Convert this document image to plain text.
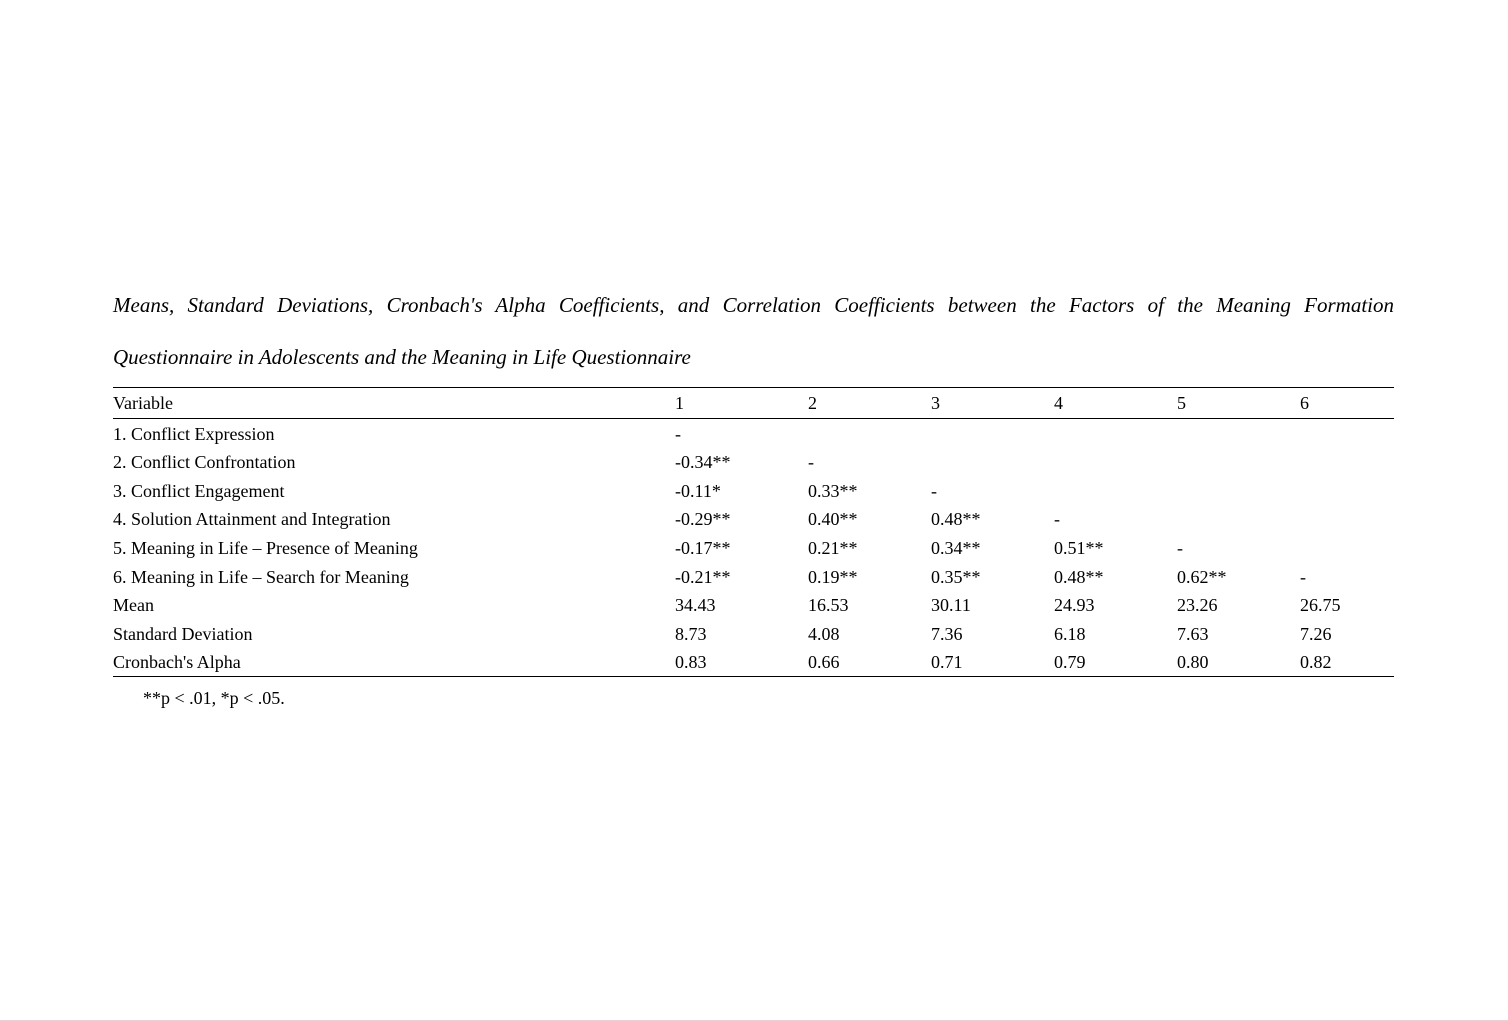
Means, Standard Deviations, Cronbach's Alpha Coefficients, and Correlation Coefficients between the Factors of the Meaning Formation
Questionnaire in Adolescents and the Meaning in Life Questionnaire

Variable	1	2	3	4	5	6
1. Conflict Expression	-					
2. Conflict Confrontation	-0.34**	-				
3. Conflict Engagement	-0.11*	0.33**	-			
4. Solution Attainment and Integration	-0.29**	0.40**	0.48**	-		
5. Meaning in Life – Presence of Meaning	-0.17**	0.21**	0.34**	0.51**	-	
6. Meaning in Life – Search for Meaning	-0.21**	0.19**	0.35**	0.48**	0.62**	-
Mean	34.43	16.53	30.11	24.93	23.26	26.75
Standard Deviation	8.73	4.08	7.36	6.18	7.63	7.26
Cronbach's Alpha	0.83	0.66	0.71	0.79	0.80	0.82

**p < .01, *p < .05.
